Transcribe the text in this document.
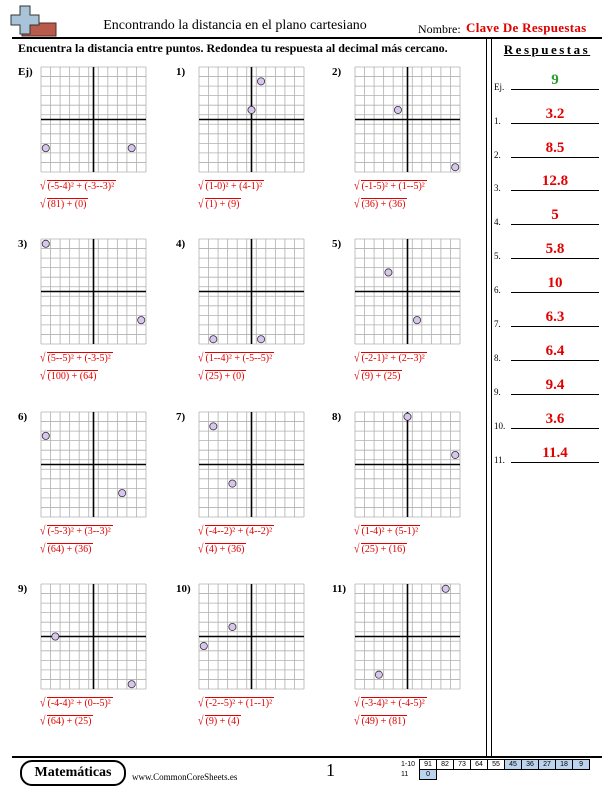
Encontrando la distancia en el plano cartesiano	Nombre: Clave De Respuestas
Encuentra la distancia entre puntos. Redondea tu respuesta al decimal más cercano.	Respuestas
Ej.	9
1.	3.2
2.	8.5
3.	12.8
4.	5
5.	5.8
6.	10
7.	6.3
8.	6.4
9.	9.4
10.	3.6
11.	11.4
Ej)
√ (-5-4)² + (-3--3)²
√ (81) + (0)
1)
√ (1-0)² + (4-1)²
√ (1) + (9)
2)
√ (-1-5)² + (1--5)²
√ (36) + (36)
3)
√ (5--5)² + (-3-5)²
√ (100) + (64)
4)
√ (1--4)² + (-5--5)²
√ (25) + (0)
5)
√ (-2-1)² + (2--3)²
√ (9) + (25)
6)
√ (-5-3)² + (3--3)²
√ (64) + (36)
7)
√ (-4--2)² + (4--2)²
√ (4) + (36)
8)
√ (1-4)² + (5-1)²
√ (25) + (16)
9)
√ (-4-4)² + (0--5)²
√ (64) + (25)
10)
√ (-2--5)² + (1--1)²
√ (9) + (4)
11)
√ (-3-4)² + (-4-5)²
√ (49) + (81)
Matemáticas	www.CommonCoreSheets.es	1	1-10	91	82	73	64	55	45	36	27	18	9
11	0									
